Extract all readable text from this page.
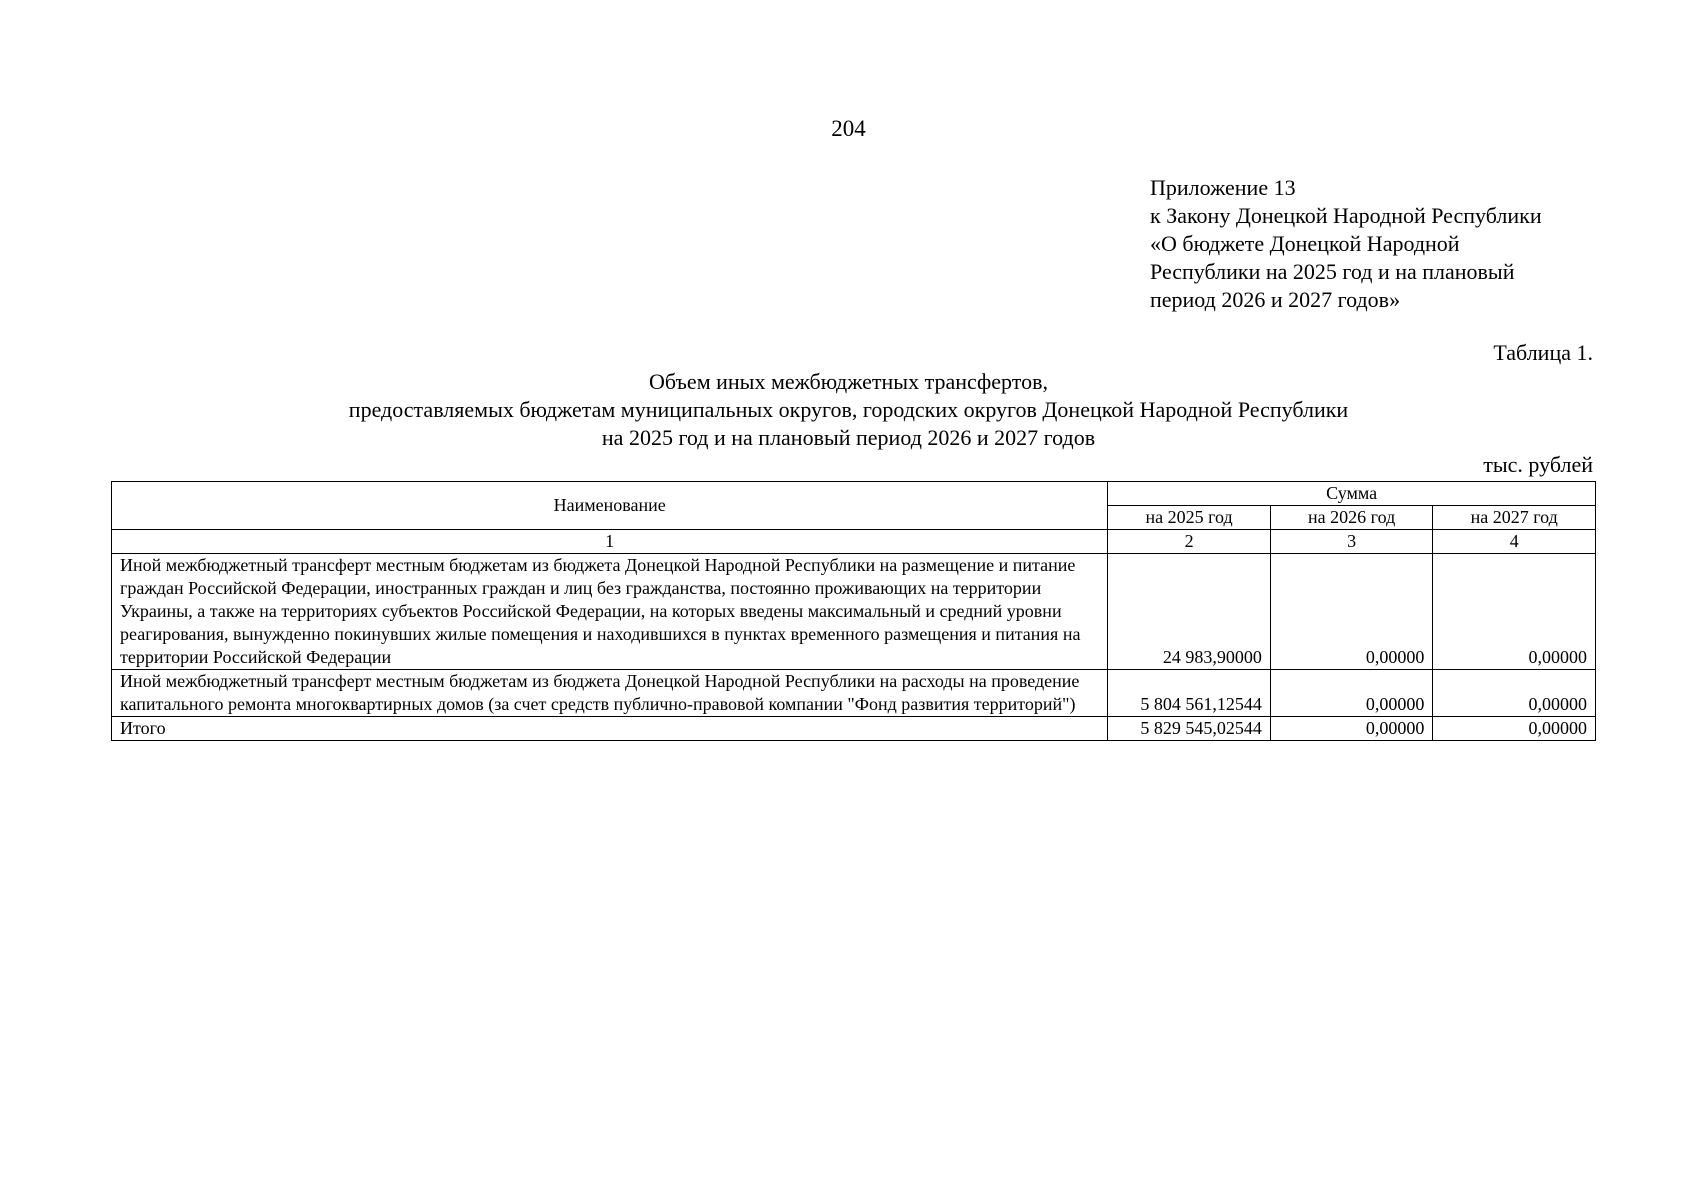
204
Приложение 13
к Закону Донецкой Народной Республики
«О бюджете Донецкой Народной
Республики на 2025 год и на плановый
период 2026 и 2027 годов»
Таблица 1.
Объем иных межбюджетных трансфертов,
предоставляемых бюджетам муниципальных округов, городских округов Донецкой Народной Республики
на 2025 год и на плановый период 2026 и 2027 годов
тыс. рублей
Наименование	Сумма		
	на 2025 год	на 2026 год	на 2027 год
1	2	3	4
Иной межбюджетный трансферт местным бюджетам из бюджета Донецкой Народной Республики на размещение и питание граждан Российской Федерации, иностранных граждан и лиц без гражданства, постоянно проживающих на территории Украины, а также на территориях субъектов Российской Федерации, на которых введены максимальный и средний уровни реагирования, вынужденно покинувших жилые помещения и находившихся в пунктах временного размещения и питания на территории Российской Федерации	24 983,90000	0,00000	0,00000
Иной межбюджетный трансферт местным бюджетам из бюджета Донецкой Народной Республики на расходы на проведение капитального ремонта многоквартирных домов (за счет средств публично-правовой компании "Фонд развития территорий")	5 804 561,12544	0,00000	0,00000
Итого	5 829 545,02544	0,00000	0,00000
